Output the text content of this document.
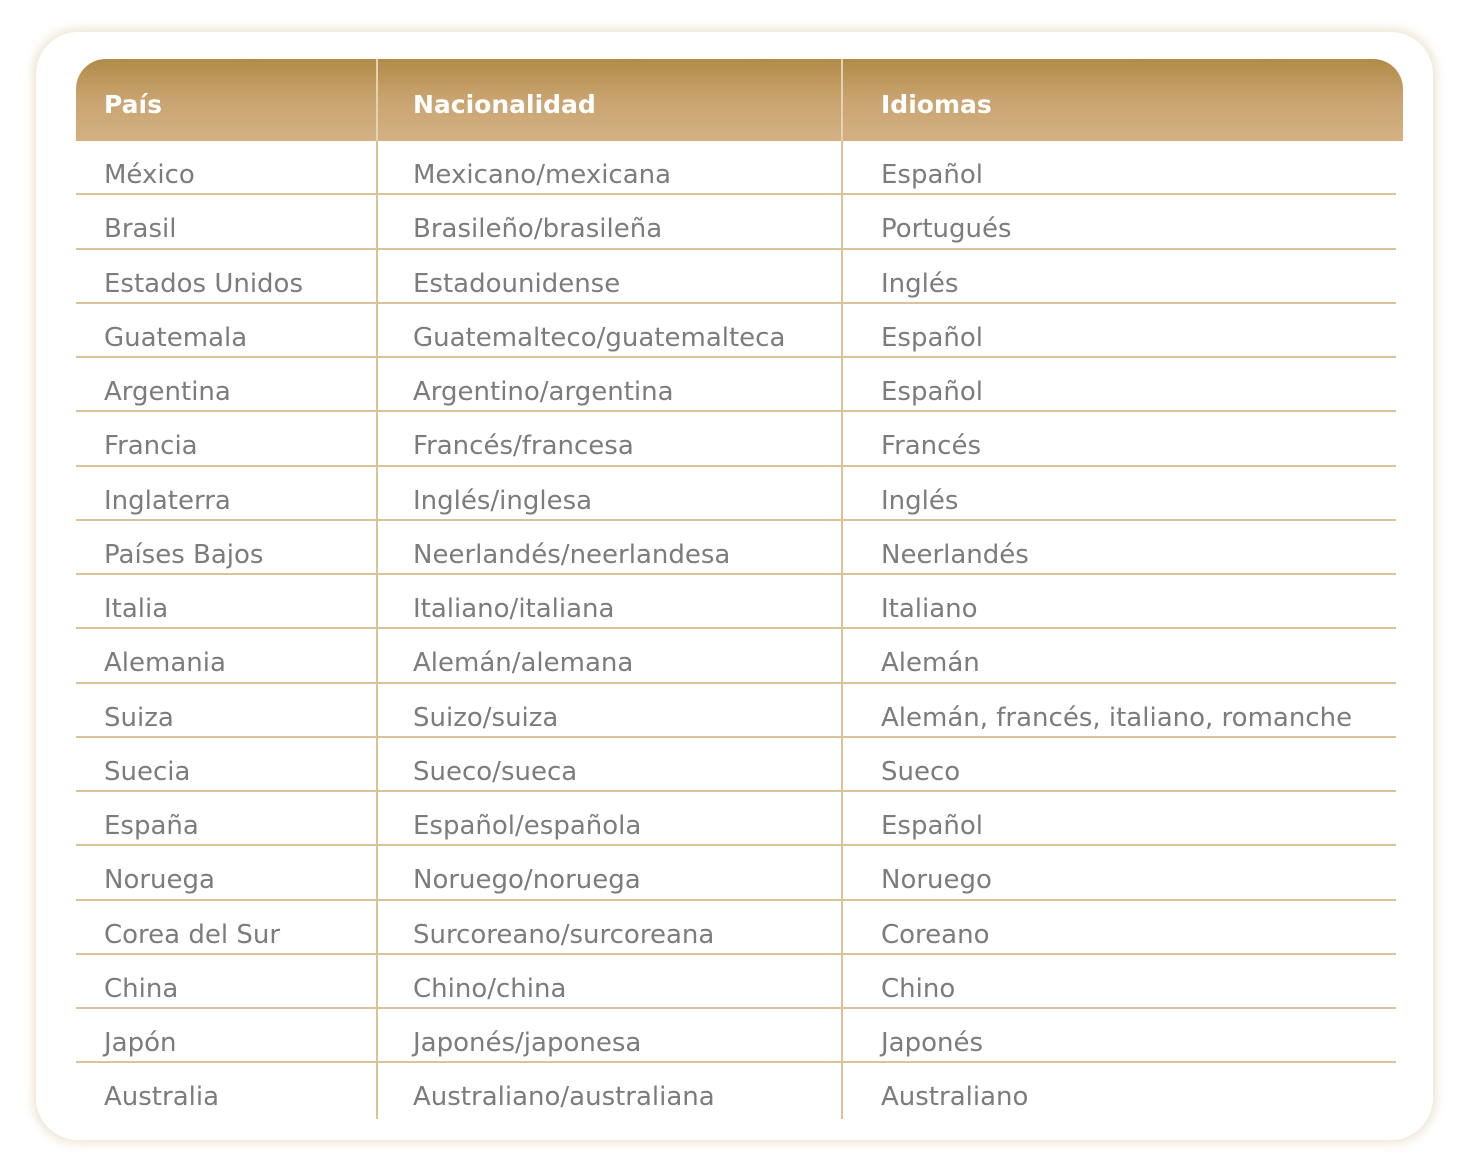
País	Nacionalidad	Idiomas
México	Mexicano/mexicana	Español
Brasil	Brasileño/brasileña	Portugués
Estados Unidos	Estadounidense	Inglés
Guatemala	Guatemalteco/guatemalteca	Español
Argentina	Argentino/argentina	Español
Francia	Francés/francesa	Francés
Inglaterra	Inglés/inglesa	Inglés
Países Bajos	Neerlandés/neerlandesa	Neerlandés
Italia	Italiano/italiana	Italiano
Alemania	Alemán/alemana	Alemán
Suiza	Suizo/suiza	Alemán, francés, italiano, romanche
Suecia	Sueco/sueca	Sueco
España	Español/española	Español
Noruega	Noruego/noruega	Noruego
Corea del Sur	Surcoreano/surcoreana	Coreano
China	Chino/china	Chino
Japón	Japonés/japonesa	Japonés
Australia	Australiano/australiana	Australiano
